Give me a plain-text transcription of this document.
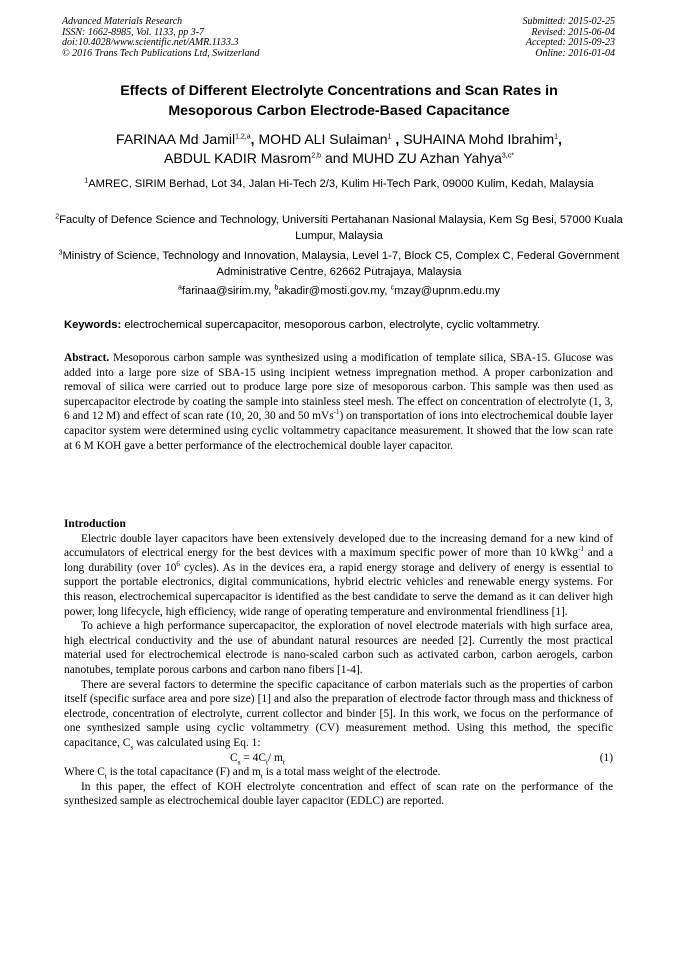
Advanced Materials Research
ISSN: 1662-8985, Vol. 1133, pp 3-7
doi:10.4028/www.scientific.net/AMR.1133.3
© 2016 Trans Tech Publications Ltd, Switzerland
Submitted: 2015-02-25
Revised: 2015-06-04
Accepted: 2015-09-23
Online: 2016-01-04
Effects of Different Electrolyte Concentrations and Scan Rates in
Mesoporous Carbon Electrode-Based Capacitance
FARINAA Md Jamil$^{1,2,a}$, MOHD ALI Sulaiman$^1$ , SUHAINA Mohd Ibrahim$^1$,
ABDUL KADIR Masrom$^{2,b}$ and MUHD ZU Azhan Yahya$^{3,c*}$
$^1$AMREC, SIRIM Berhad, Lot 34, Jalan Hi-Tech 2/3, Kulim Hi-Tech Park, 09000 Kulim, Kedah, Malaysia
$^2$Faculty of Defence Science and Technology, Universiti Pertahanan Nasional Malaysia, Kem Sg Besi, 57000 Kuala Lumpur, Malaysia
$^3$Ministry of Science, Technology and Innovation, Malaysia, Level 1-7, Block C5, Complex C, Federal Government Administrative Centre, 62662 Putrajaya, Malaysia
$^a$farinaa@sirim.my, $^b$akadir@mosti.gov.my, $^c$mzay@upnm.edu.my
Keywords: electrochemical supercapacitor, mesoporous carbon, electrolyte, cyclic voltammetry.

Abstract. Mesoporous carbon sample was synthesized using a modification of template silica, SBA-15. Glucose was added into a large pore size of SBA-15 using incipient wetness impregnation method. A proper carbonization and removal of silica were carried out to produce large pore size of mesoporous carbon. This sample was then used as supercapacitor electrode by coating the sample into stainless steel mesh. The effect on concentration of electrolyte (1, 3, 6 and 12 M) and effect of scan rate (10, 20, 30 and 50 mVs$^{-1}$) on transportation of ions into electrochemical double layer capacitor system were determined using cyclic voltammetry capacitance measurement. It showed that the low scan rate at 6 M KOH gave a better performance of the electrochemical double layer capacitor.

Introduction

Electric double layer capacitors have been extensively developed due to the increasing demand for a new kind of accumulators of electrical energy for the best devices with a maximum specific power of more than 10 kWkg$^{-1}$ and a long durability (over $10^6$ cycles). As in the devices era, a rapid energy storage and delivery of energy is essential to support the portable electronics, digital communications, hybrid electric vehicles and renewable energy systems. For this reason, electrochemical supercapacitor is identified as the best candidate to serve the demand as it can deliver high power, long lifecycle, high efficiency, wide range of operating temperature and environmental friendliness [1].

To achieve a high performance supercapacitor, the exploration of novel electrode materials with high surface area, high electrical conductivity and the use of abundant natural resources are needed [2]. Currently the most practical material used for electrochemical electrode is nano-scaled carbon such as activated carbon, carbon aerogels, carbon nanotubes, template porous carbons and carbon nano fibers [1-4].

There are several factors to determine the specific capacitance of carbon materials such as the properties of carbon itself (specific surface area and pore size) [1] and also the preparation of electrode factor through mass and thickness of electrode, concentration of electrolyte, current collector and binder [5]. In this work, we focus on the performance of one synthesized sample using cyclic voltammetry (CV) measurement method. Using this method, the specific capacitance, $C_s$ was calculated using Eq. 1:

$C_s = 4C_t/$ $m_t$	(1)

Where $C_t$ is the total capacitance (F) and $m_t$ is a total mass weight of the electrode.

In this paper, the effect of KOH electrolyte concentration and effect of scan rate on the performance of the synthesized sample as electrochemical double layer capacitor (EDLC) are reported.
